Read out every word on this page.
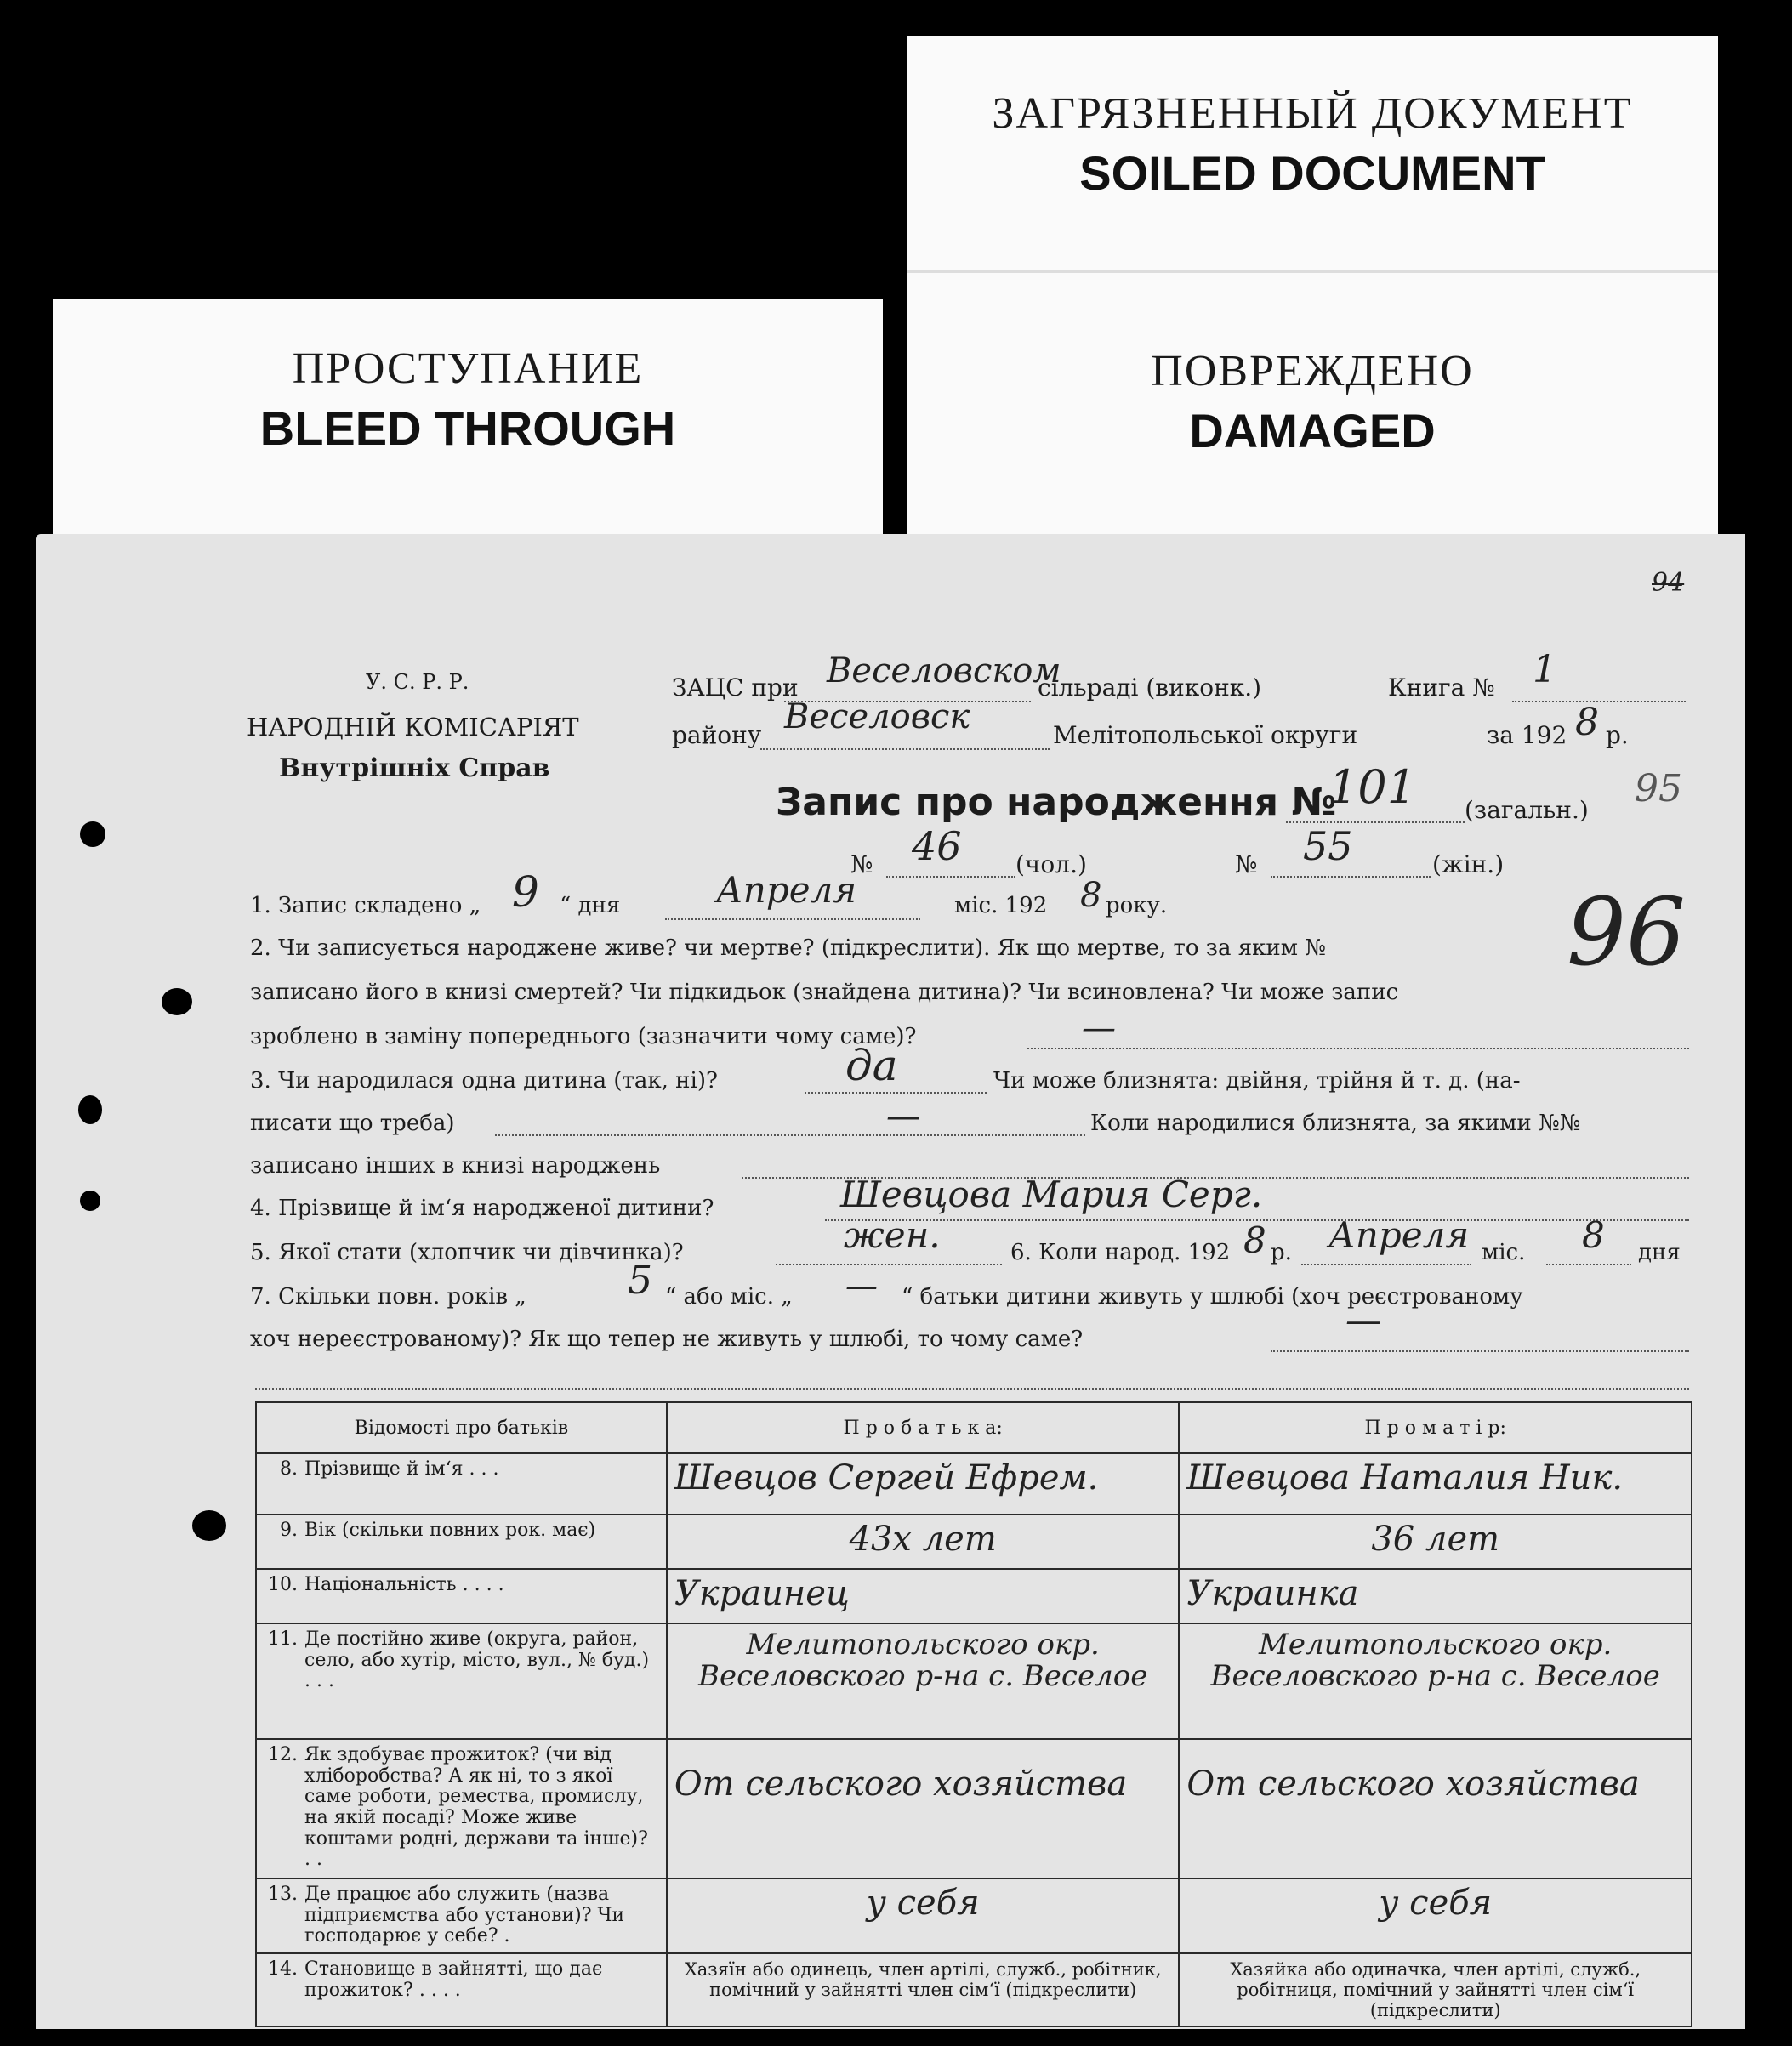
ЗАГРЯЗНЕННЫЙ ДОКУМЕНТ
SOILED DOCUMENT
ПРОСТУПАНИЕ
BLEED THROUGH
ПОВРЕЖДЕНО
DAMAGED
94
У. С. Р. Р.
НАРОДНІЙ КОМІСАРІЯТ
Внутрішніх Справ
ЗАЦС при Веселовском
сільраді (виконк.)	Книга № 1
району Веселовск	Мелітопольської округи	за 192 8 р.
Запис про народження №
101 (загальн.) 95
№ 46 (чол.)	№ 55	(жін.)
1. Запис складено „ 9 “ дня	Апреля	міс. 192 8 року.
2. Чи записується народжене живе? чи мертве? (підкреслити). Як що мертве, то за яким №	96
записано його в книзі смертей? Чи підкидьок (знайдена дитина)? Чи всиновлена? Чи може запис
зроблено в заміну попереднього (зазначити чому саме)?	—
3. Чи народилася одна дитина (так, ні)?	да	Чи може близнята: двійня, трійня й т. д. (на-
писати що треба)	—	Коли народилися близнята, за якими №№
записано інших в книзі народжень
4. Прізвище й ім‘я народженої дитини?	Шевцова Мария Серг.
5. Якої стати (хлопчик чи дівчинка)?	жен.	6. Коли народ. 192 8 р. Апреля міс. 8 дня
7. Скільки повн. років „	5 “ або міс. „ — “ батьки дитини живуть у шлюбі (хоч реєстрованому
хоч нереєстрованому)? Як що тепер не живуть у шлюбі, то чому саме?	—
Відомості про батьків	П р о б а т ь к а:	П р о м а т і р:

8. Прізвище й ім‘я . . .	Шевцов Сергей Ефрем.	Шевцова Наталия Ник.

9. Вік (скільки повних рок. має)	43х лет	36 лет

10. Національність . . . .	Украинец	Украинка

11. Де постійно живе (округа, район, село, або хутір, місто, вул., № буд.) . . .	Мелитопольского окр. Веселовского р-на с. Веселое	Мелитопольского окр. Веселовского р-на с. Веселое

12. Як здобуває прожиток? (чи від хліборобства? А як ні, то з якої саме роботи, ремества, промислу, на якій посаді? Може живе коштами родні, держави та інше)? . .	От сельского хозяйства	От сельского хозяйства

13. Де працює або служить (назва підприємства або установи)? Чи господарює у себе? .	у себя	у себя

14. Становище в зайнятті, що дає прожиток? . . . .	Хазяїн або одинець, член артілі, служб., робітник, помічний у зайнятті член сім‘ї (підкреслити)	Хазяйка або одиначка, член артілі, служб., робітниця, помічний у зайнятті член сім‘ї (підкреслити)
